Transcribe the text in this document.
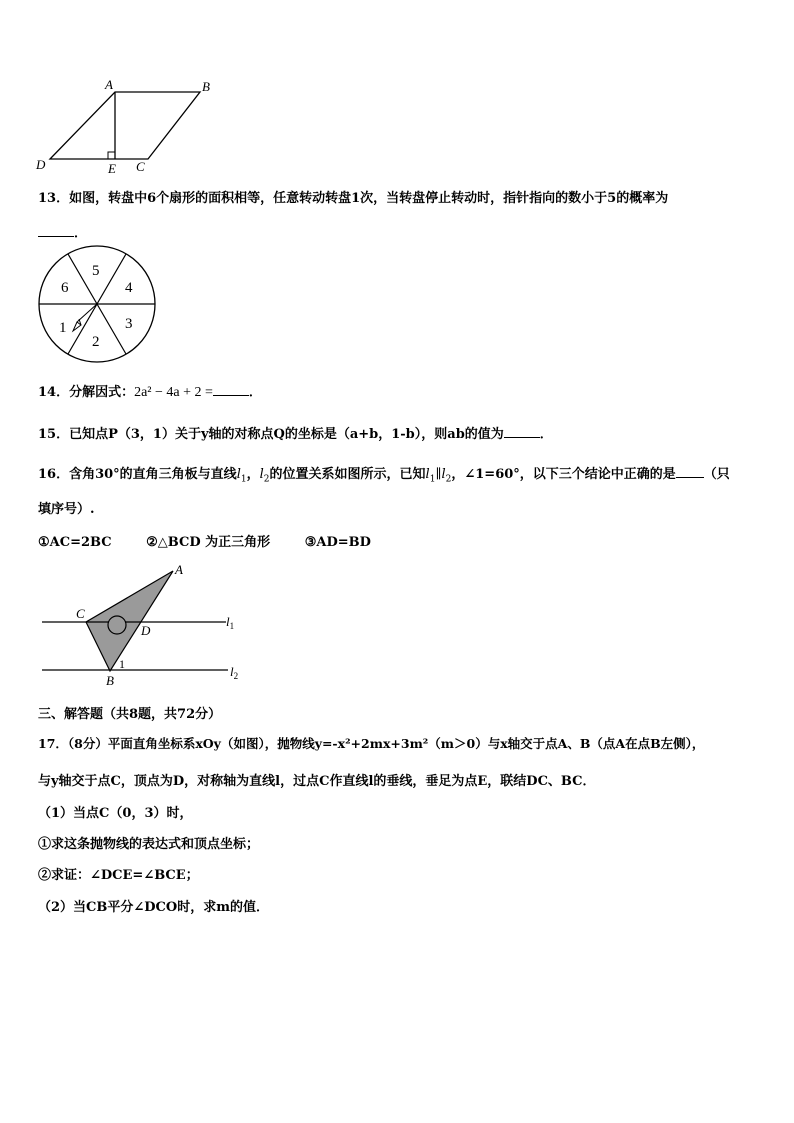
A	B
D	E C
13．如图，转盘中6个扇形的面积相等，任意转动转盘1次，当转盘停止转动时，指针指向的数小于5的概率为
．
5
4
3
2
1
6
14．分解因式：2a² − 4a + 2 =	．
15．已知点P（3，1）关于y轴的对称点Q的坐标是（a+b，1-b），则ab的值为	．
16．含角30°的直角三角板与直线$l_1$，$l_2$的位置关系如图所示，已知$l_1\parallel l_2$，∠1=60°，以下三个结论中正确的是 （只
填序号）.
①AC=2BC	②△BCD 为正三角形	③AD=BD
A
C
D
1
B
$l_1$
$l_2$
三、解答题（共8题，共72分）
17．（8分）平面直角坐标系xOy（如图），抛物线y=-x²+2mx+3m²（m＞0）与x轴交于点A、B（点A在点B左侧），
与y轴交于点C，顶点为D，对称轴为直线l，过点C作直线l的垂线，垂足为点E，联结DC、BC．
（1）当点C（0，3）时，
①求这条抛物线的表达式和顶点坐标；
②求证：∠DCE=∠BCE；
（2）当CB平分∠DCO时，求m的值．
